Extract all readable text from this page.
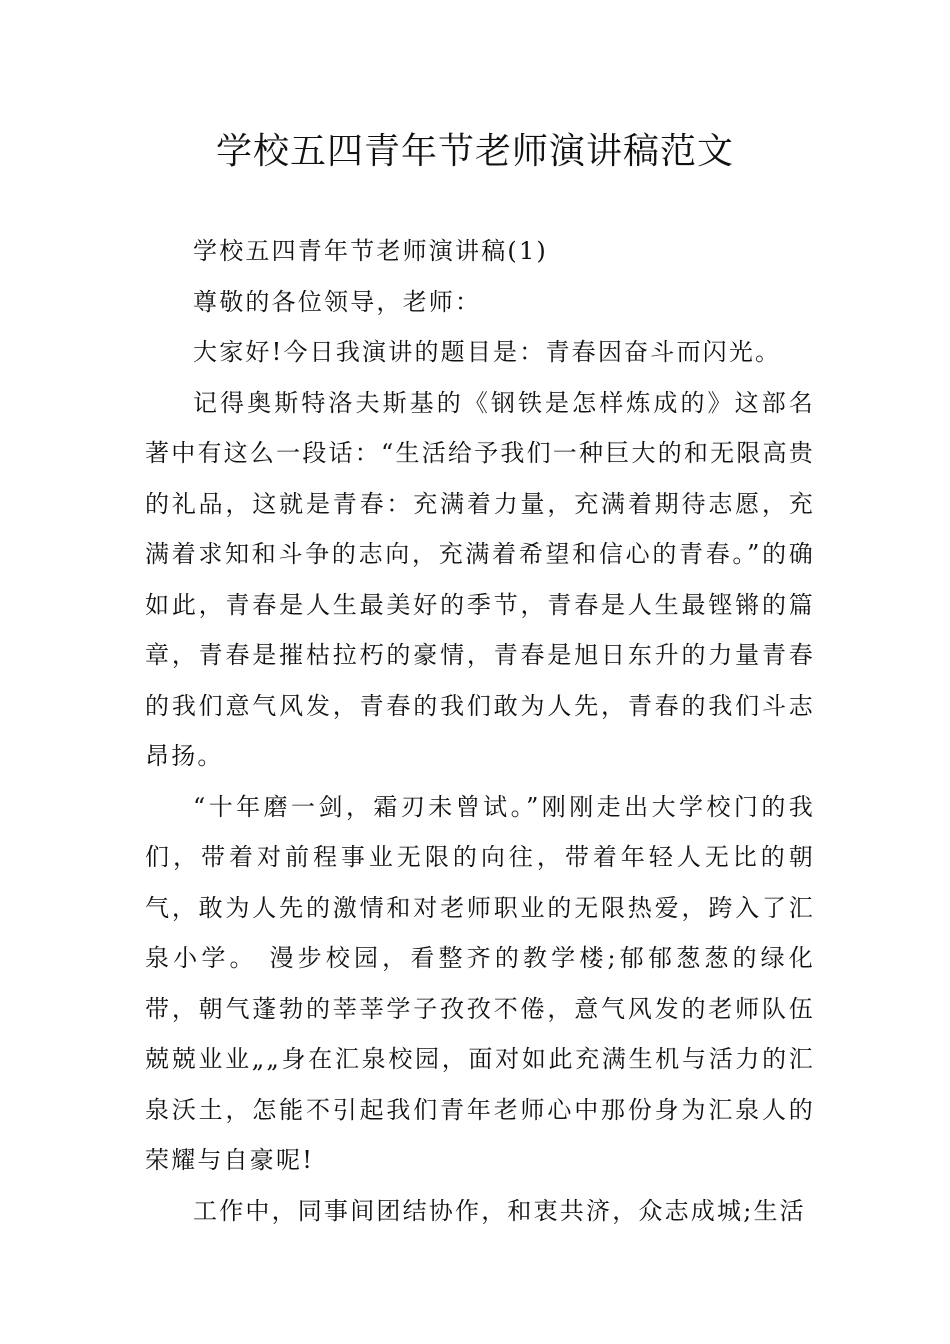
学校五四青年节老师演讲稿范文

学校五四青年节老师演讲稿(1)

尊敬的各位领导，老师：

大家好!今日我演讲的题目是：青春因奋斗而闪光。

记得奥斯特洛夫斯基的《钢铁是怎样炼成的》这部名著中有这么一段话：“生活给予我们一种巨大的和无限高贵的礼品，这就是青春：充满着力量，充满着期待志愿，充满着求知和斗争的志向，充满着希望和信心的青春。”的确如此，青春是人生最美好的季节，青春是人生最铿锵的篇章，青春是摧枯拉朽的豪情，青春是旭日东升的力量青春的我们意气风发，青春的我们敢为人先，青春的我们斗志昂扬。

“十年磨一剑，霜刃未曾试。”刚刚走出大学校门的我们，带着对前程事业无限的向往，带着年轻人无比的朝气，敢为人先的激情和对老师职业的无限热爱，跨入了汇泉小学。 漫步校园，看整齐的教学楼;郁郁葱葱的绿化带，朝气蓬勃的莘莘学子孜孜不倦，意气风发的老师队伍兢兢业业„„身在汇泉校园，面对如此充满生机与活力的汇泉沃土，怎能不引起我们青年老师心中那份身为汇泉人的荣耀与自豪呢!

工作中，同事间团结协作，和衷共济，众志成城;生活
